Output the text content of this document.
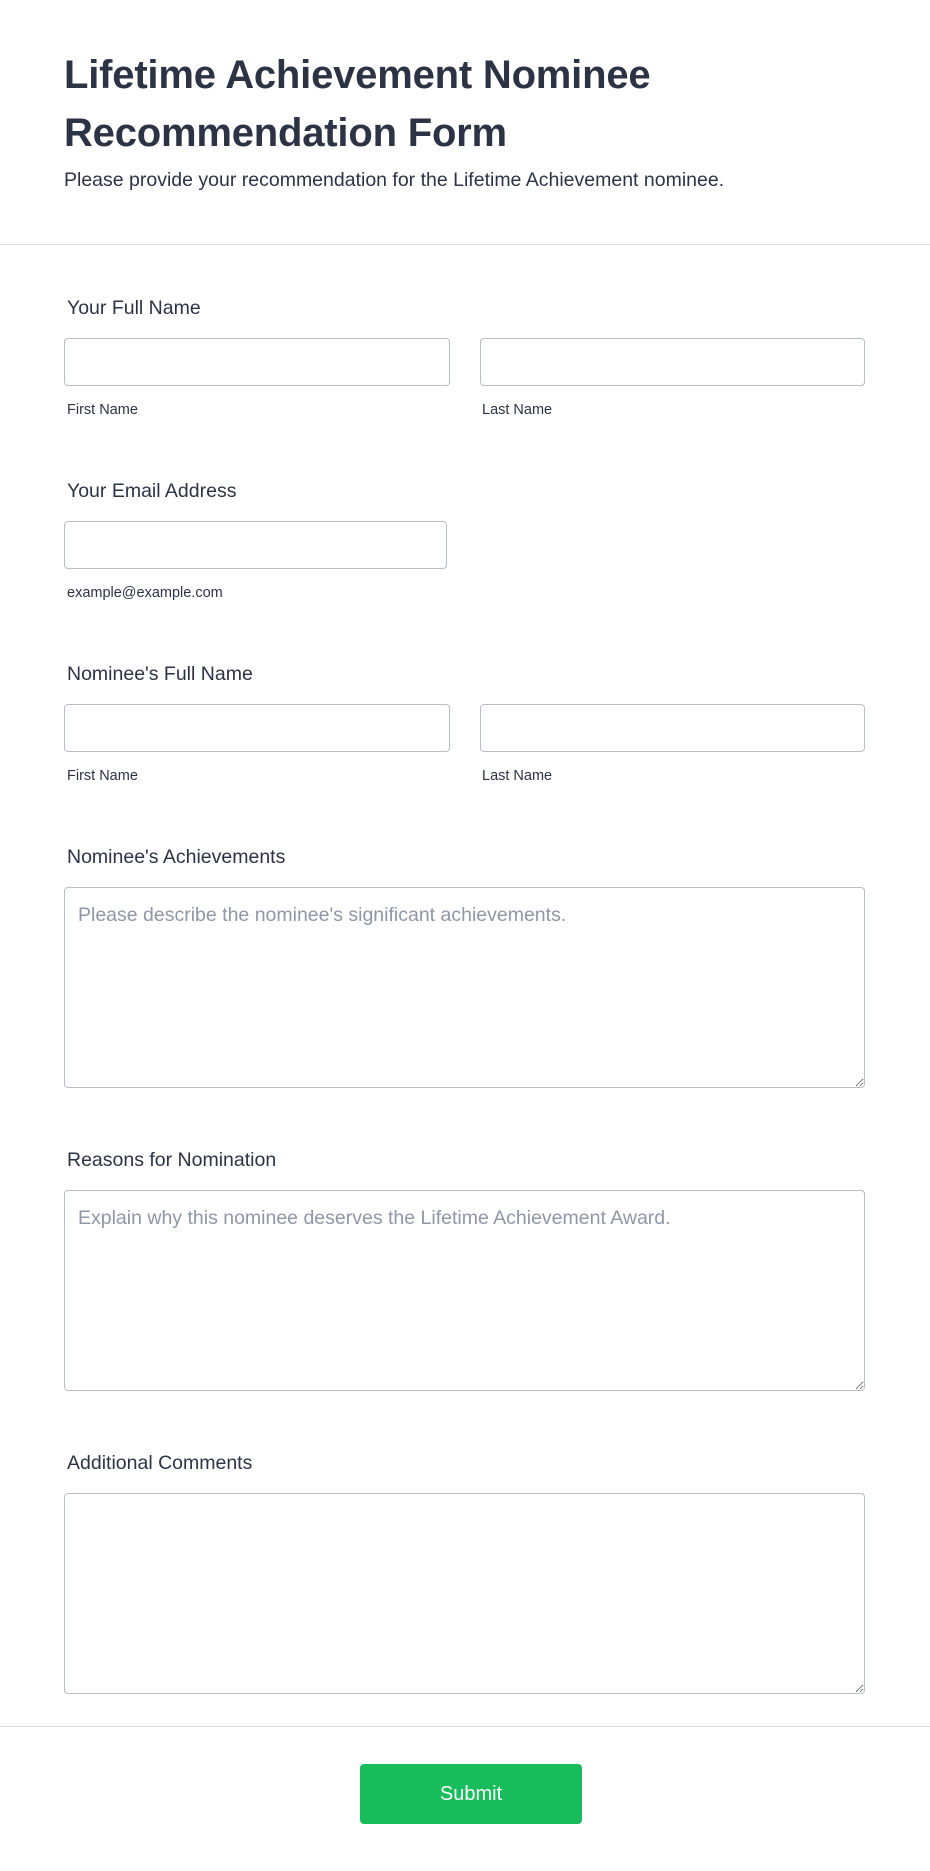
Lifetime Achievement Nominee Recommendation Form

Please provide your recommendation for the Lifetime Achievement nominee.

Your Full Name
First Name	Last Name
Your Email Address
example@example.com
Nominee's Full Name
First Name	Last Name
Nominee's Achievements
Please describe the nominee's significant achievements.
Reasons for Nomination
Explain why this nominee deserves the Lifetime Achievement Award.
Additional Comments
Submit
